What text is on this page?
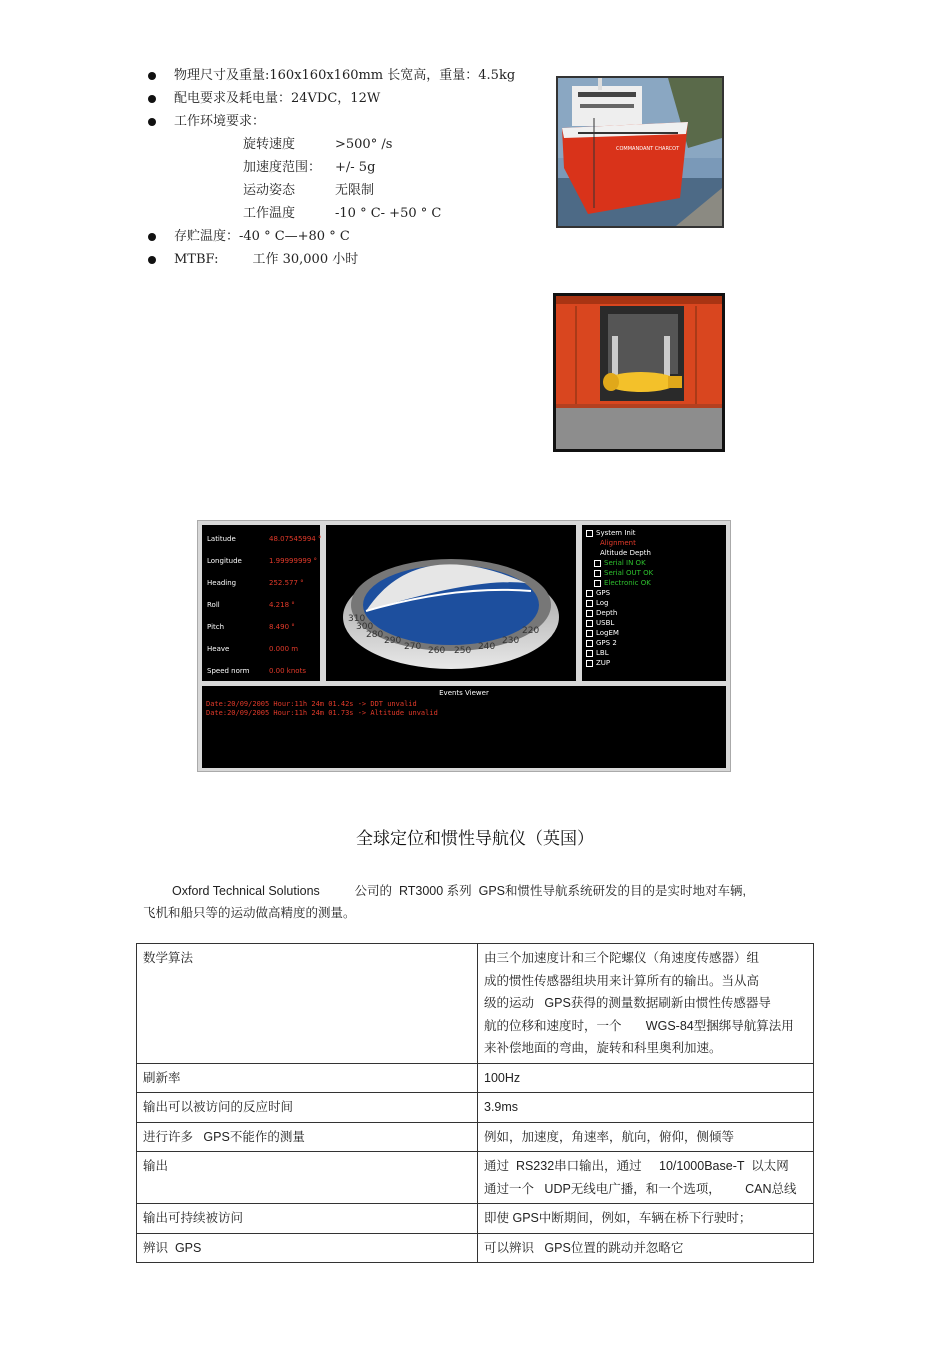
物理尺寸及重量:160x160x160mm 长宽高，重量：4.5kg
配电要求及耗电量：24VDC，12W
工作环境要求：
旋转速度	>500° /s
加速度范围： +/- 5g
运动姿态	无限制
工作温度	-10 ° C- +50 ° C
存贮温度：-40 ° C—+80 ° C
MTBF:	工作 30,000 小时
COMMANDANT CHARCOT
Latitude	48.07545994 °
Longitude	1.99999999 °
Heading	252.577 °
Roll	4.218 °
Pitch	8.490 °
Heave	0.000 m
Speed norm	0.00 knots
280
270 260 250 240
230
220
310
300
290
System Init
Alignment
Altitude Depth
Serial IN OK
Serial OUT OK
Electronic OK
GPS
Log
Depth
USBL
LogEM
GPS 2
LBL
ZUP
Events Viewer
Date:20/09/2005 Hour:11h 24m 01.42s -> DDT unvalid
Date:20/09/2005 Hour:11h 24m 01.73s -> Altitude unvalid
全球定位和惯性导航仪（英国）
Oxford Technical Solutions          公司的  RT3000 系列  GPS和惯性导航系统研发的目的是实时地对车辆,
飞机和船只等的运动做高精度的测量。
数学算法	由三个加速度计和三个陀螺仪（角速度传感器）组
成的惯性传感器组块用来计算所有的输出。当从高
级的运动   GPS获得的测量数据刷新由惯性传感器导
航的位移和速度时，一个       WGS-84型捆绑导航算法用
来补偿地面的弯曲，旋转和科里奥利加速。

刷新率	100Hz

输出可以被访问的反应时间	3.9ms

进行许多   GPS不能作的测量	例如，加速度，角速率，航向，俯仰，侧倾等

输出	通过  RS232串口输出，通过     10/1000Base-T  以太网
通过一个   UDP无线电广播，和一个选项，       CAN总线

输出可持续被访问	即使 GPS中断期间，例如，车辆在桥下行驶时；

辨识  GPS	可以辨识   GPS位置的跳动并忽略它
